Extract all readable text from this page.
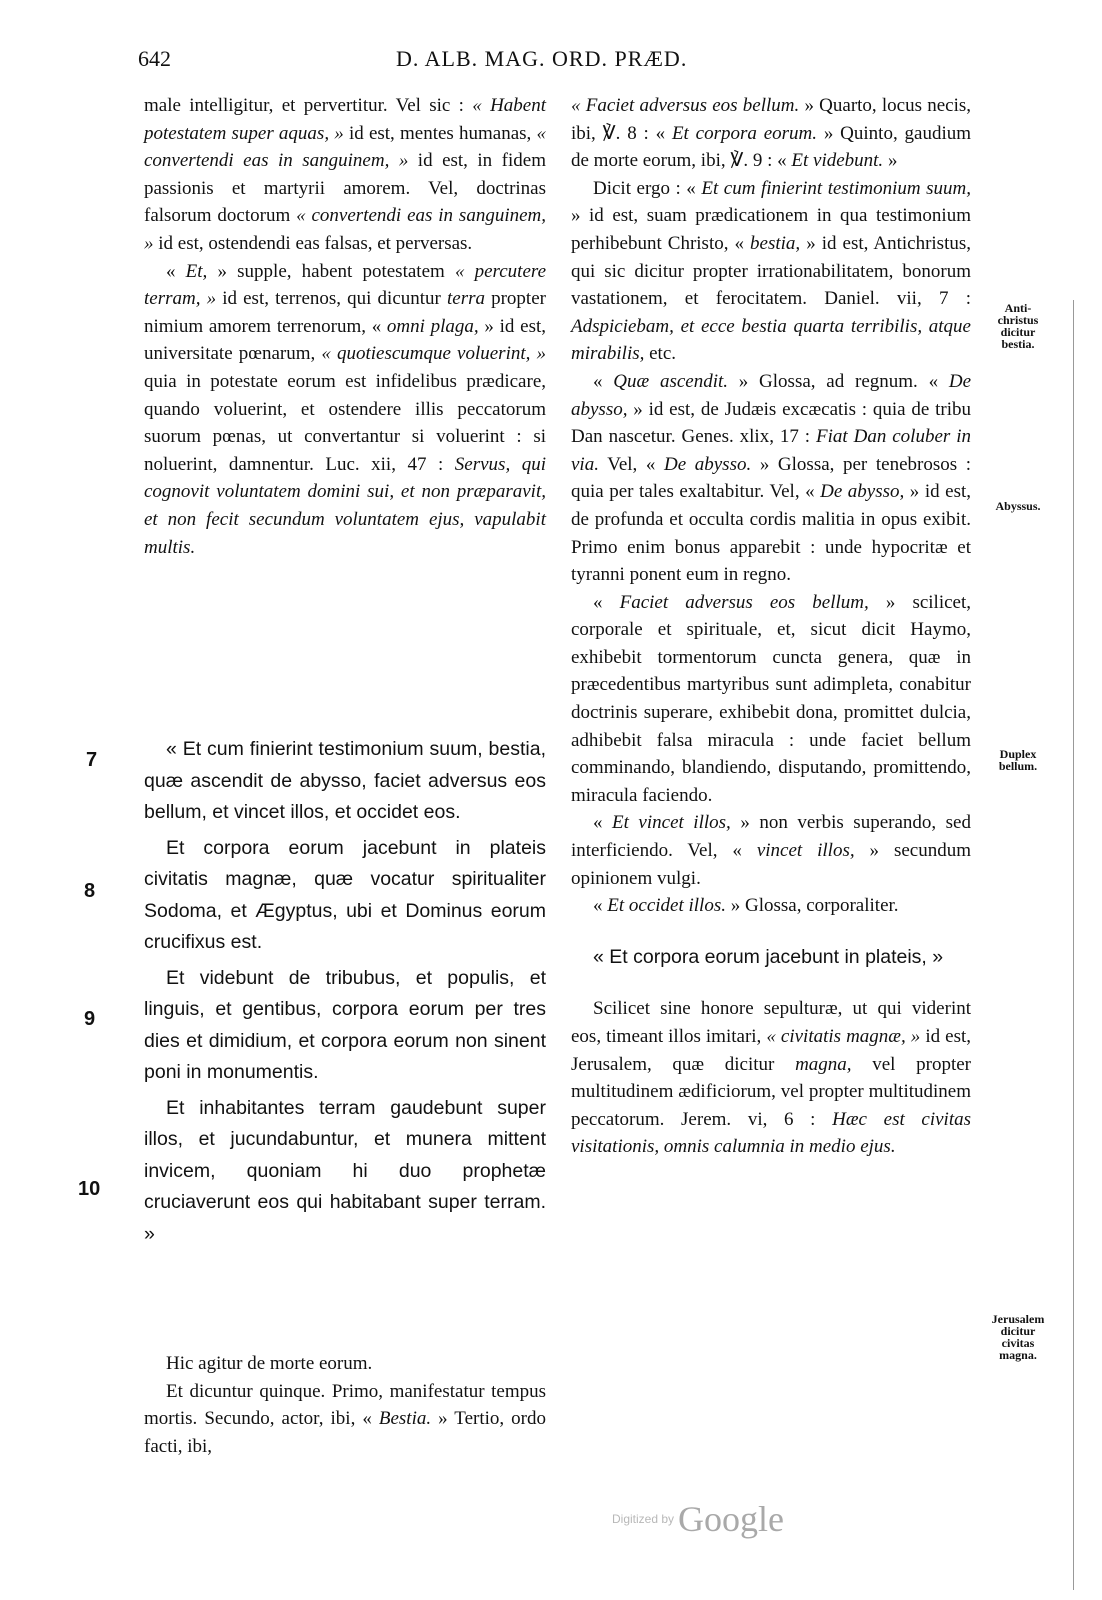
642	D. ALB. MAG. ORD. PRÆD.

male intelligitur, et pervertitur. Vel sic : « Habent potestatem super aquas, » id est, mentes humanas, « convertendi eas in sanguinem, » id est, in fidem passionis et martyrii amorem. Vel, doctrinas falsorum doctorum « convertendi eas in sanguinem, » id est, ostendendi eas falsas, et perversas.

« Et, » supple, habent potestatem « percutere terram, » id est, terrenos, qui dicuntur terra propter nimium amorem terrenorum, « omni plaga, » id est, universitate pœnarum, « quotiescumque voluerint, » quia in potestate eorum est infidelibus prædicare, quando voluerint, et ostendere illis peccatorum suorum pœnas, ut convertantur si voluerint : si noluerint, damnentur. Luc. xii, 47 : Servus, qui cognovit voluntatem domini sui, et non præparavit, et non fecit secundum voluntatem ejus, vapulabit multis.

« Et cum finierint testimonium suum, bestia, quæ ascendit de abysso, faciet adversus eos bellum, et vincet illos, et occidet eos.

Et corpora eorum jacebunt in plateis civitatis magnæ, quæ vocatur spiritualiter Sodoma, et Ægyptus, ubi et Dominus eorum crucifixus est.

Et videbunt de tribubus, et populis, et linguis, et gentibus, corpora eorum per tres dies et dimidium, et corpora eorum non sinent poni in monumentis.

Et inhabitantes terram gaudebunt super illos, et jucundabuntur, et munera mittent invicem, quoniam hi duo prophetæ cruciaverunt eos qui habitabant super terram. »

7
8
9
10

Hic agitur de morte eorum.

Et dicuntur quinque. Primo, manifestatur tempus mortis. Secundo, actor, ibi, « Bestia. » Tertio, ordo facti, ibi,

« Faciet adversus eos bellum. » Quarto, locus necis, ibi, ℣. 8 : « Et corpora eorum. » Quinto, gaudium de morte eorum, ibi, ℣. 9 : « Et videbunt. »

Dicit ergo : « Et cum finierint testimonium suum, » id est, suam prædicationem in qua testimonium perhibebunt Christo, « bestia, » id est, Antichristus, qui sic dicitur propter irrationabilitatem, bonorum vastationem, et ferocitatem. Daniel. vii, 7 : Adspiciebam, et ecce bestia quarta terribilis, atque mirabilis, etc.

« Quæ ascendit. » Glossa, ad regnum. « De abysso, » id est, de Judæis excæcatis : quia de tribu Dan nascetur. Genes. xlix, 17 : Fiat Dan coluber in via. Vel, « De abysso. » Glossa, per tenebrosos : quia per tales exaltabitur. Vel, « De abysso, » id est, de profunda et occulta cordis malitia in opus exibit. Primo enim bonus apparebit : unde hypocritæ et tyranni ponent eum in regno.

« Faciet adversus eos bellum, » scilicet, corporale et spirituale, et, sicut dicit Haymo, exhibebit tormentorum cuncta genera, quæ in præcedentibus martyribus sunt adimpleta, conabitur doctrinis superare, exhibebit dona, promittet dulcia, adhibebit falsa miracula : unde faciet bellum comminando, blandiendo, disputando, promittendo, miracula faciendo.

« Et vincet illos, » non verbis superando, sed interficiendo. Vel, « vincet illos, » secundum opinionem vulgi.

« Et occidet illos. » Glossa, corporaliter.

« Et corpora eorum jacebunt in plateis, »

Scilicet sine honore sepulturæ, ut qui viderint eos, timeant illos imitari, « civitatis magnæ, » id est, Jerusalem, quæ dicitur magna, vel propter multitudinem ædificiorum, vel propter multitudinem peccatorum. Jerem. vi, 6 : Hæc est civitas visitationis, omnis calumnia in medio ejus.

Anti-
christus
dicitur
bestia.
Abyssus.
Duplex
bellum.
Jerusalem
dicitur
civitas
magna.
Digitized by Google
